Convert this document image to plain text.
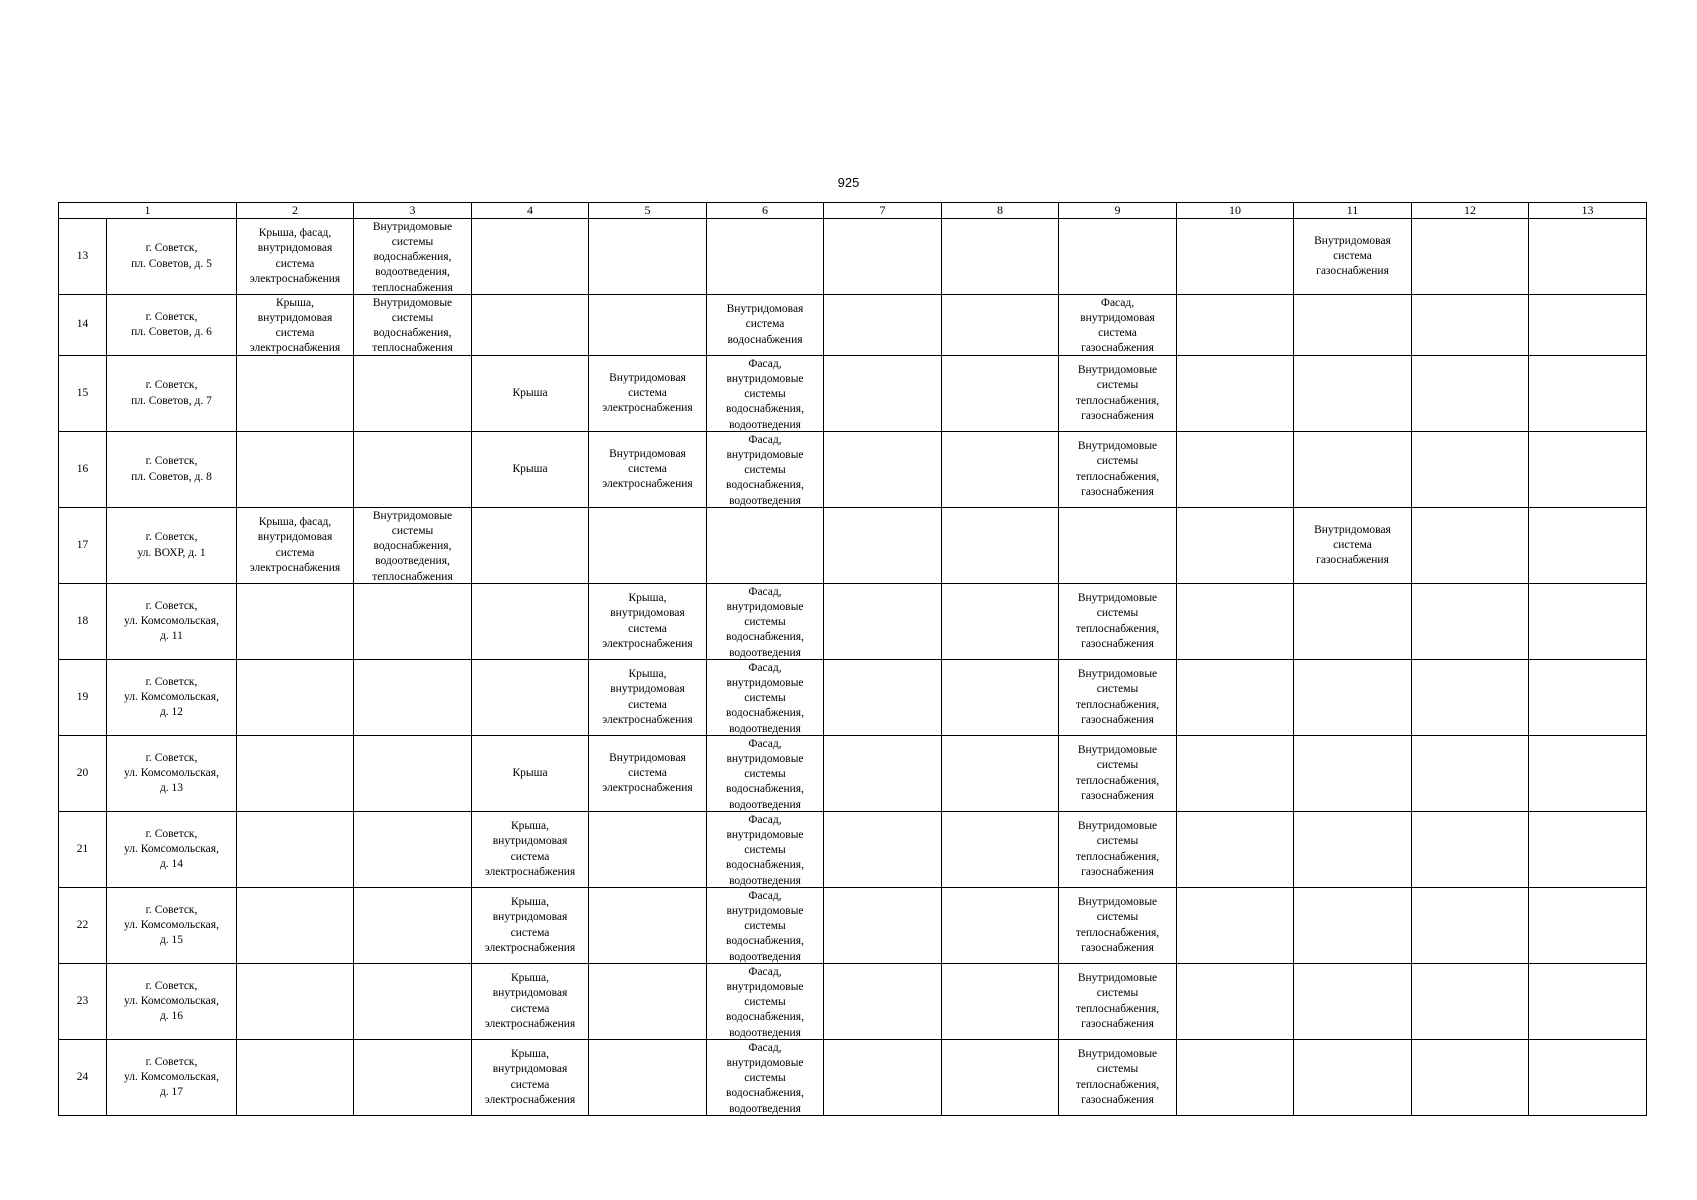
925
1		2	3	4	5	6	7	8	9	10	11	12	13

13	г. Советск,
пл. Советов, д. 5	Крыша, фасад,
внутридомовая
система
электроснабжения	Внутридомовые
системы
водоснабжения,
водоотведения,
теплоснабжения								Внутридомовая
система
газоснабжения		

14	г. Советск,
пл. Советов, д. 6	Крыша,
внутридомовая
система
электроснабжения	Внутридомовые
системы
водоснабжения,
теплоснабжения			Внутридомовая
система
водоснабжения			Фасад,
внутридомовая
система
газоснабжения				

15	г. Советск,
пл. Советов, д. 7			Крыша	Внутридомовая
система
электроснабжения	Фасад,
внутридомовые
системы
водоснабжения,
водоотведения			Внутридомовые
системы
теплоснабжения,
газоснабжения				

16	г. Советск,
пл. Советов, д. 8			Крыша	Внутридомовая
система
электроснабжения	Фасад,
внутридомовые
системы
водоснабжения,
водоотведения			Внутридомовые
системы
теплоснабжения,
газоснабжения				

17	г. Советск,
ул. ВОХР, д. 1	Крыша, фасад,
внутридомовая
система
электроснабжения	Внутридомовые
системы
водоснабжения,
водоотведения,
теплоснабжения								Внутридомовая
система
газоснабжения		

18	г. Советск,
ул. Комсомольская,
д. 11				Крыша,
внутридомовая
система
электроснабжения	Фасад,
внутридомовые
системы
водоснабжения,
водоотведения			Внутридомовые
системы
теплоснабжения,
газоснабжения				

19	г. Советск,
ул. Комсомольская,
д. 12				Крыша,
внутридомовая
система
электроснабжения	Фасад,
внутридомовые
системы
водоснабжения,
водоотведения			Внутридомовые
системы
теплоснабжения,
газоснабжения				

20	г. Советск,
ул. Комсомольская,
д. 13			Крыша	Внутридомовая
система
электроснабжения	Фасад,
внутридомовые
системы
водоснабжения,
водоотведения			Внутридомовые
системы
теплоснабжения,
газоснабжения				

21	г. Советск,
ул. Комсомольская,
д. 14			Крыша,
внутридомовая
система
электроснабжения		Фасад,
внутридомовые
системы
водоснабжения,
водоотведения			Внутридомовые
системы
теплоснабжения,
газоснабжения				

22	г. Советск,
ул. Комсомольская,
д. 15			Крыша,
внутридомовая
система
электроснабжения		Фасад,
внутридомовые
системы
водоснабжения,
водоотведения			Внутридомовые
системы
теплоснабжения,
газоснабжения				

23	г. Советск,
ул. Комсомольская,
д. 16			Крыша,
внутридомовая
система
электроснабжения		Фасад,
внутридомовые
системы
водоснабжения,
водоотведения			Внутридомовые
системы
теплоснабжения,
газоснабжения				

24	г. Советск,
ул. Комсомольская,
д. 17			Крыша,
внутридомовая
система
электроснабжения		Фасад,
внутридомовые
системы
водоснабжения,
водоотведения			Внутридомовые
системы
теплоснабжения,
газоснабжения				
